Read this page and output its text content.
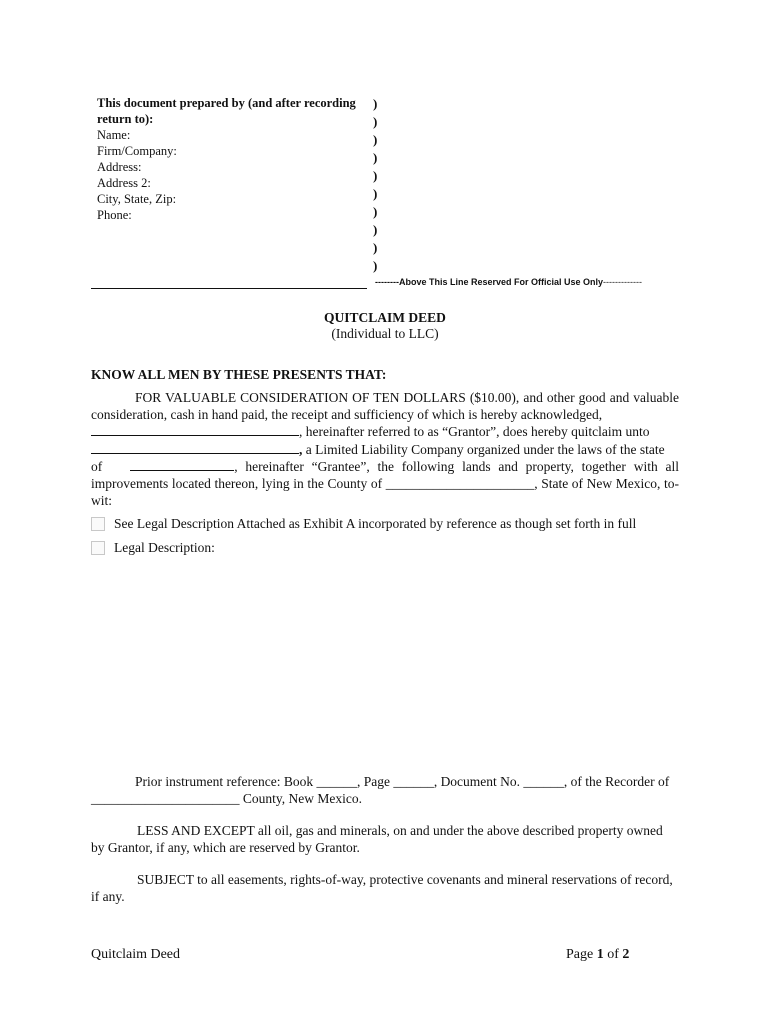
This document prepared by (and after recording return to):
Name:
Firm/Company:
Address:
Address 2:
City, State, Zip:
Phone:
)
)
)
)
)
)
)
)
)
)
--------Above This Line Reserved For Official Use Only-------------
QUITCLAIM DEED
(Individual to LLC)
KNOW ALL MEN BY THESE PRESENTS THAT:

FOR VALUABLE CONSIDERATION OF TEN DOLLARS ($10.00), and other good and valuable consideration, cash in hand paid, the receipt and sufficiency of which is hereby acknowledged,

, hereinafter referred to as “Grantor”, does hereby quitclaim unto

, a Limited Liability Company organized under the laws of the state

of	, hereinafter “Grantee”, the following lands and property, together with all improvements located thereon, lying in the County of ______________________, State of New Mexico, to-wit:

See Legal Description Attached as Exhibit A incorporated by reference as though set forth in full
Legal Description:

Prior instrument reference: Book ______, Page ______, Document No. ______, of the Recorder of ______________________ County, New Mexico.

LESS AND EXCEPT all oil, gas and minerals, on and under the above described property owned by Grantor, if any, which are reserved by Grantor.

SUBJECT to all easements, rights-of-way, protective covenants and mineral reservations of record, if any.

Quitclaim Deed	Page 1 of 2
